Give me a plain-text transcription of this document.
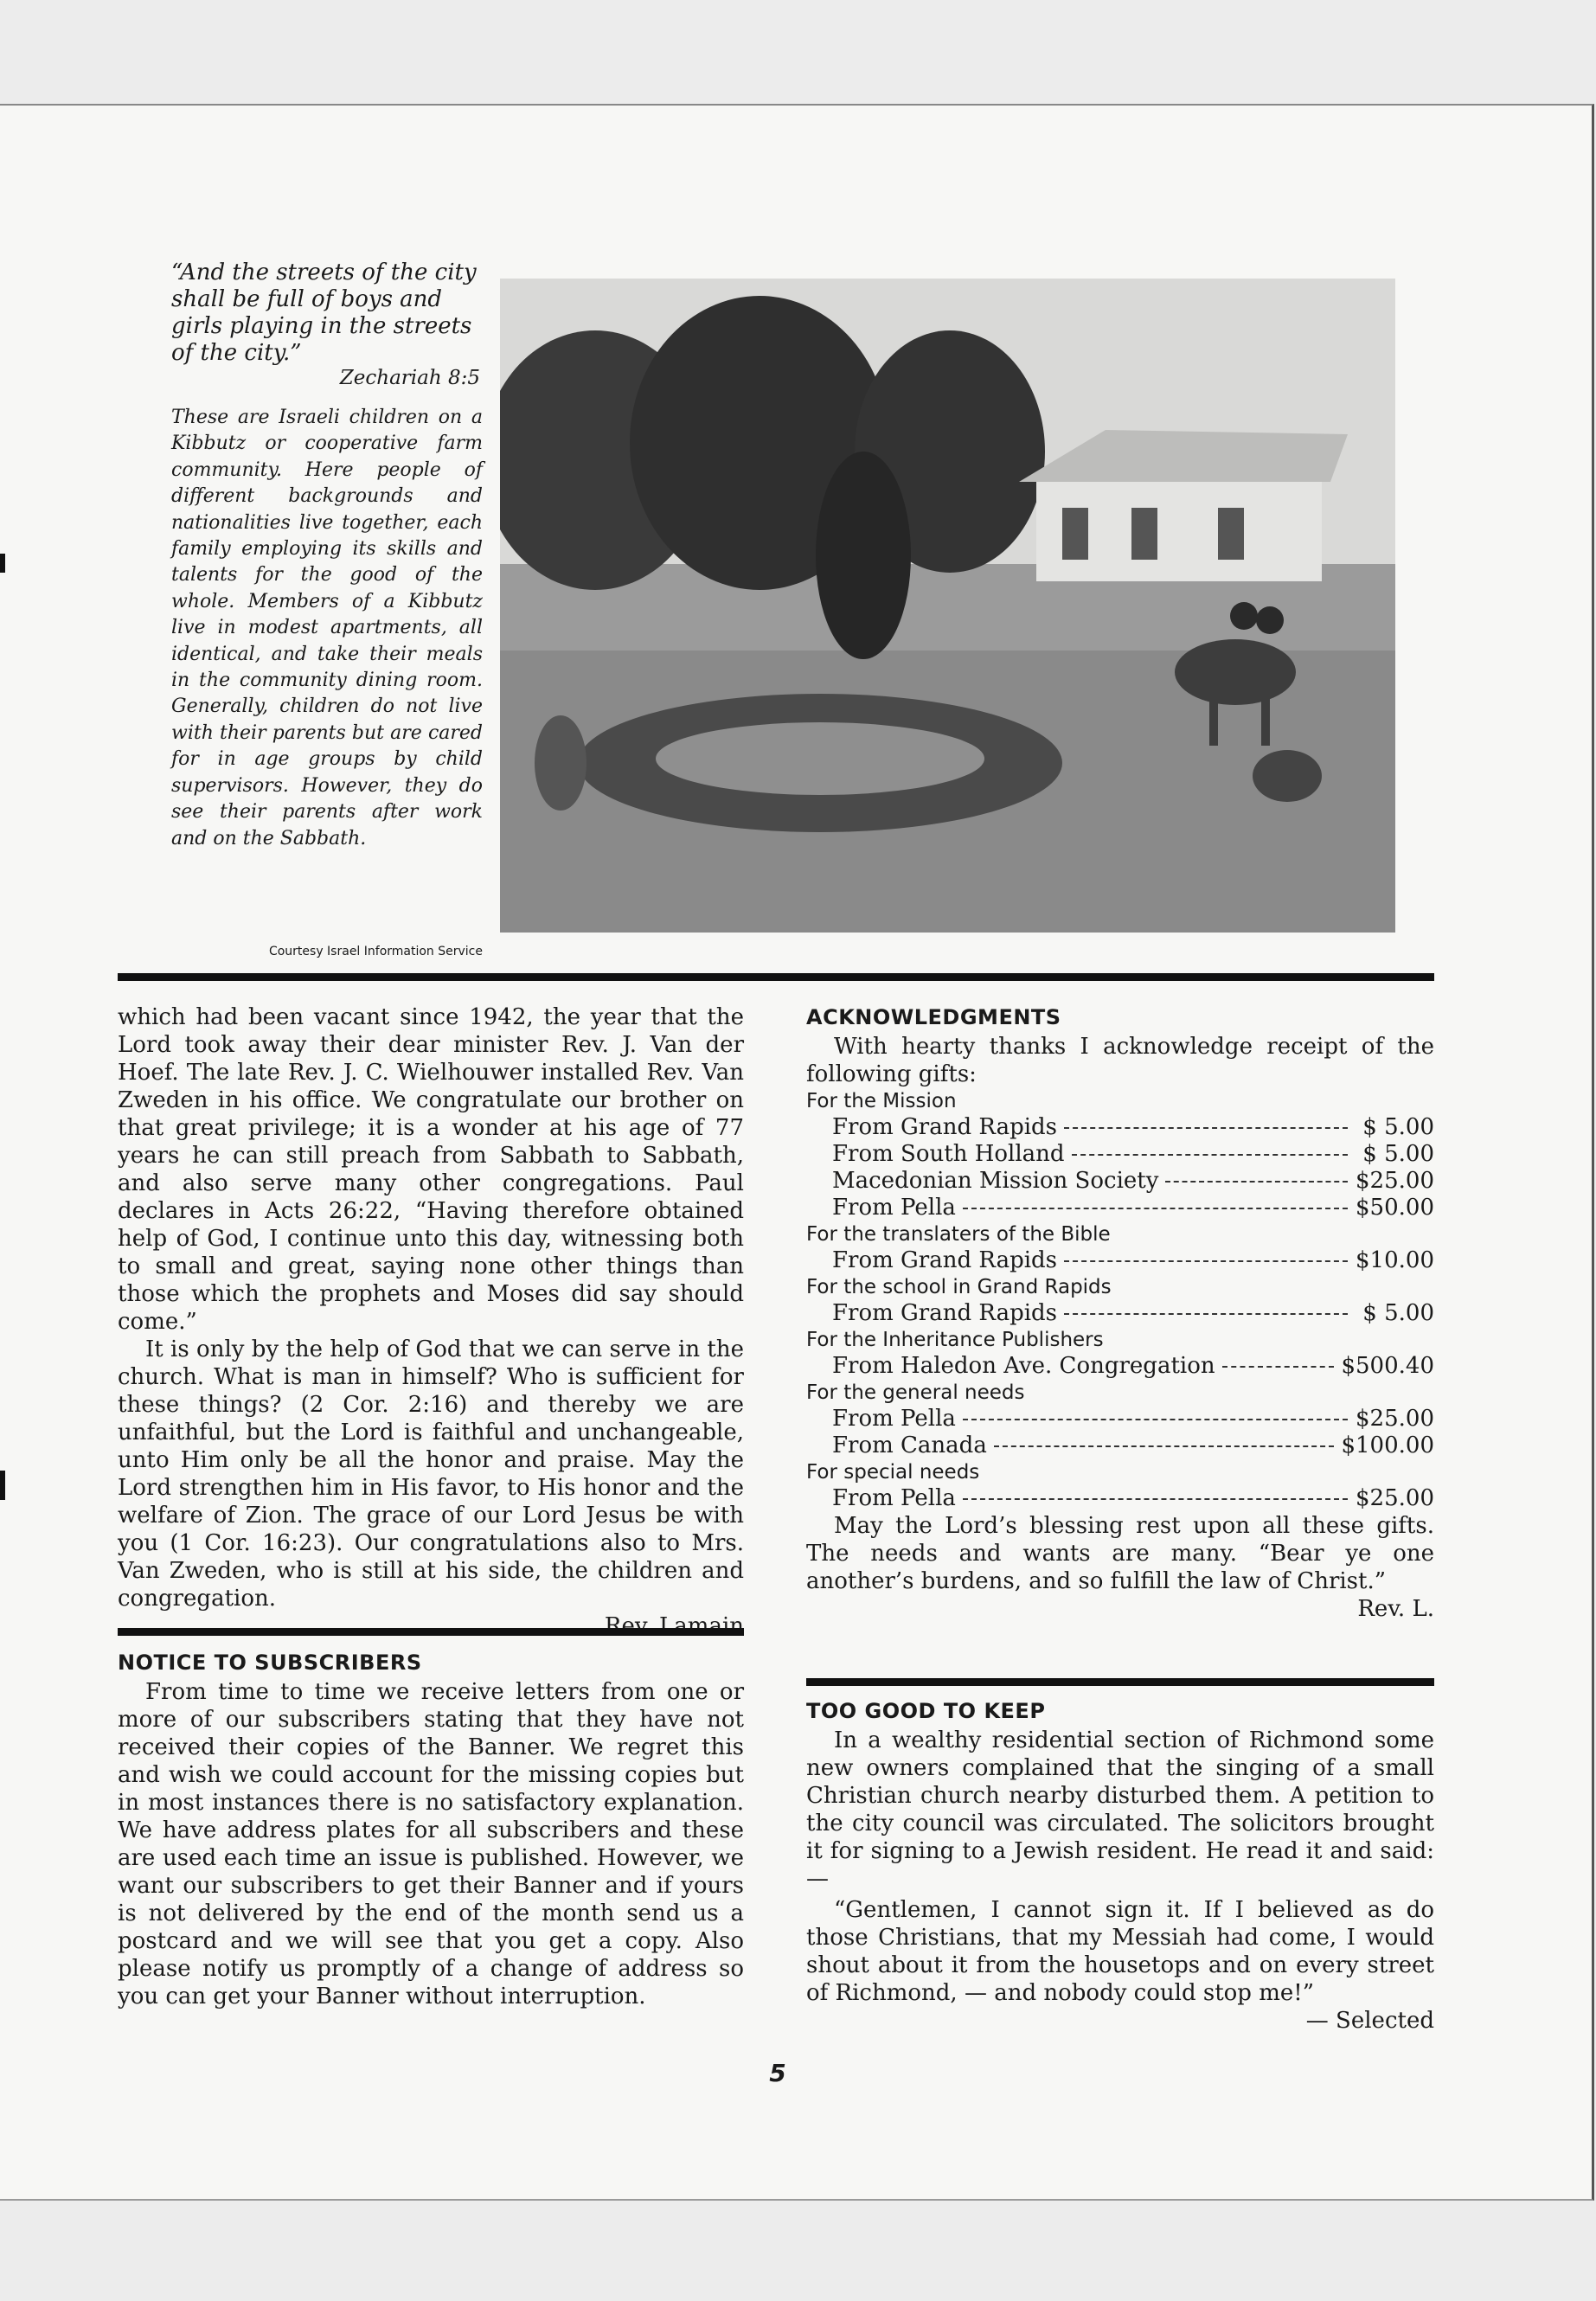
“And the streets of the city shall be full of boys and girls playing in the streets of the city.”

Zechariah 8:5

These are Israeli children on a Kibbutz or cooperative farm community. Here people of different backgrounds and nationalities live together, each family employing its skills and talents for the good of the whole. Members of a Kibbutz live in modest apartments, all identical, and take their meals in the community dining room. Generally, children do not live with their parents but are cared for in age groups by child supervisors. However, they do see their parents after work and on the Sabbath.

Courtesy Israel Information Service

which had been vacant since 1942, the year that the Lord took away their dear minister Rev. J. Van der Hoef. The late Rev. J. C. Wielhouwer installed Rev. Van Zweden in his office. We congratulate our brother on that great privilege; it is a wonder at his age of 77 years he can still preach from Sabbath to Sabbath, and also serve many other congregations. Paul declares in Acts 26:22, “Having therefore obtained help of God, I continue unto this day, witnessing both to small and great, saying none other things than those which the prophets and Moses did say should come.”

It is only by the help of God that we can serve in the church. What is man in himself? Who is sufficient for these things? (2 Cor. 2:16) and thereby we are unfaithful, but the Lord is faithful and unchangeable, unto Him only be all the honor and praise. May the Lord strengthen him in His favor, to His honor and the welfare of Zion. The grace of our Lord Jesus be with you (1 Cor. 16:23). Our congratulations also to Mrs. Van Zweden, who is still at his side, the children and congregation.

Rev. Lamain

NOTICE TO SUBSCRIBERS

From time to time we receive letters from one or more of our subscribers stating that they have not received their copies of the Banner. We regret this and wish we could account for the missing copies but in most instances there is no satisfactory explanation. We have address plates for all subscribers and these are used each time an issue is published. However, we want our subscribers to get their Banner and if yours is not delivered by the end of the month send us a postcard and we will see that you get a copy. Also please notify us promptly of a change of address so you can get your Banner without interruption.

ACKNOWLEDGMENTS

With hearty thanks I acknowledge receipt of the following gifts:

For the Mission
From Grand Rapids	$ 5.00
From South Holland	$ 5.00
Macedonian Mission Society	$25.00
From Pella	$50.00
For the translaters of the Bible
From Grand Rapids	$10.00
For the school in Grand Rapids
From Grand Rapids	$ 5.00
For the Inheritance Publishers
From Haledon Ave. Congregation	$500.40
For the general needs
From Pella	$25.00
From Canada	$100.00
For special needs
From Pella	$25.00

May the Lord’s blessing rest upon all these gifts. The needs and wants are many. “Bear ye one another’s burdens, and so fulfill the law of Christ.”

Rev. L.

TOO GOOD TO KEEP

In a wealthy residential section of Richmond some new owners complained that the singing of a small Christian church nearby disturbed them. A petition to the city council was circulated. The solicitors brought it for signing to a Jewish resident. He read it and said: —

“Gentlemen, I cannot sign it. If I believed as do those Christians, that my Messiah had come, I would shout about it from the housetops and on every street of Richmond, — and nobody could stop me!”

— Selected

5
